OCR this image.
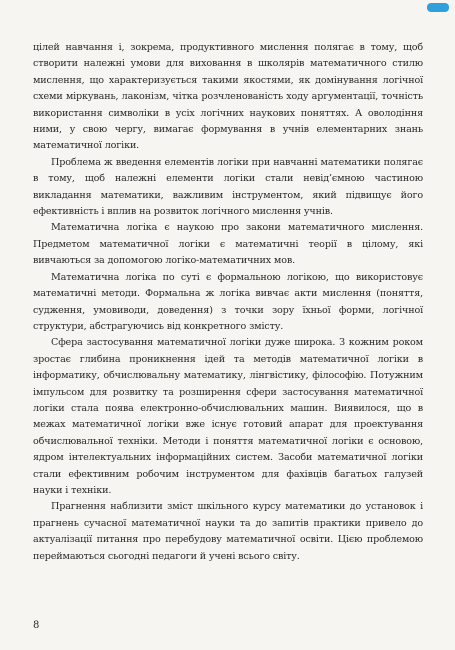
цілей навчання і, зокрема, продуктивного мислення полягає в тому, щоб створити належні умови для виховання в школярів математичного стилю мислення, що характеризується такими якостями, як домінування логічної схеми міркувань, лаконізм, чітка розчленованість ходу аргументації, точність використання символіки в усіх логічних наукових поняттях. А оволодіння ними, у свою чергу, вимагає формування в учнів елементарних знань математичної логіки.

Проблема ж введення елементів логіки при навчанні математики полягає в тому, щоб належні елементи логіки стали невід’ємною частиною викладання математики, важливим інструментом, який підвищує його ефективність і вплив на розвиток логічного мислення учнів.

Математична логіка є наукою про закони математичного мислення. Предметом математичної логіки є математичні теорії в цілому, які вивчаються за допомогою логіко-математичних мов.

Математична логіка по суті є формальною логікою, що використовує математичні методи. Формальна ж логіка вивчає акти мислення (поняття, судження, умовиводи, доведення) з точки зору їхньої форми, логічної структури, абстрагуючись від конкретного змісту.

Сфера застосування математичної логіки дуже широка. З кожним роком зростає глибина проникнення ідей та методів математичної логіки в інформатику, обчислювальну математику, лінгвістику, філософію. Потужним імпульсом для розвитку та розширення сфери застосування математичної логіки стала поява електронно-обчислювальних машин. Виявилося, що в межах математичної логіки вже існує готовий апарат для проектування обчислювальної техніки. Методи і поняття математичної логіки є основою, ядром інтелектуальних інформаційних систем. Засоби математичної логіки стали ефективним робочим інструментом для фахівців багатьох галузей науки і техніки.

Прагнення наблизити зміст шкільного курсу математики до установок і прагнень сучасної математичної науки та до запитів практики привело до актуалізації питання про перебудову математичної освіти. Цією проблемою переймаються сьогодні педагоги й учені всього світу.

8
